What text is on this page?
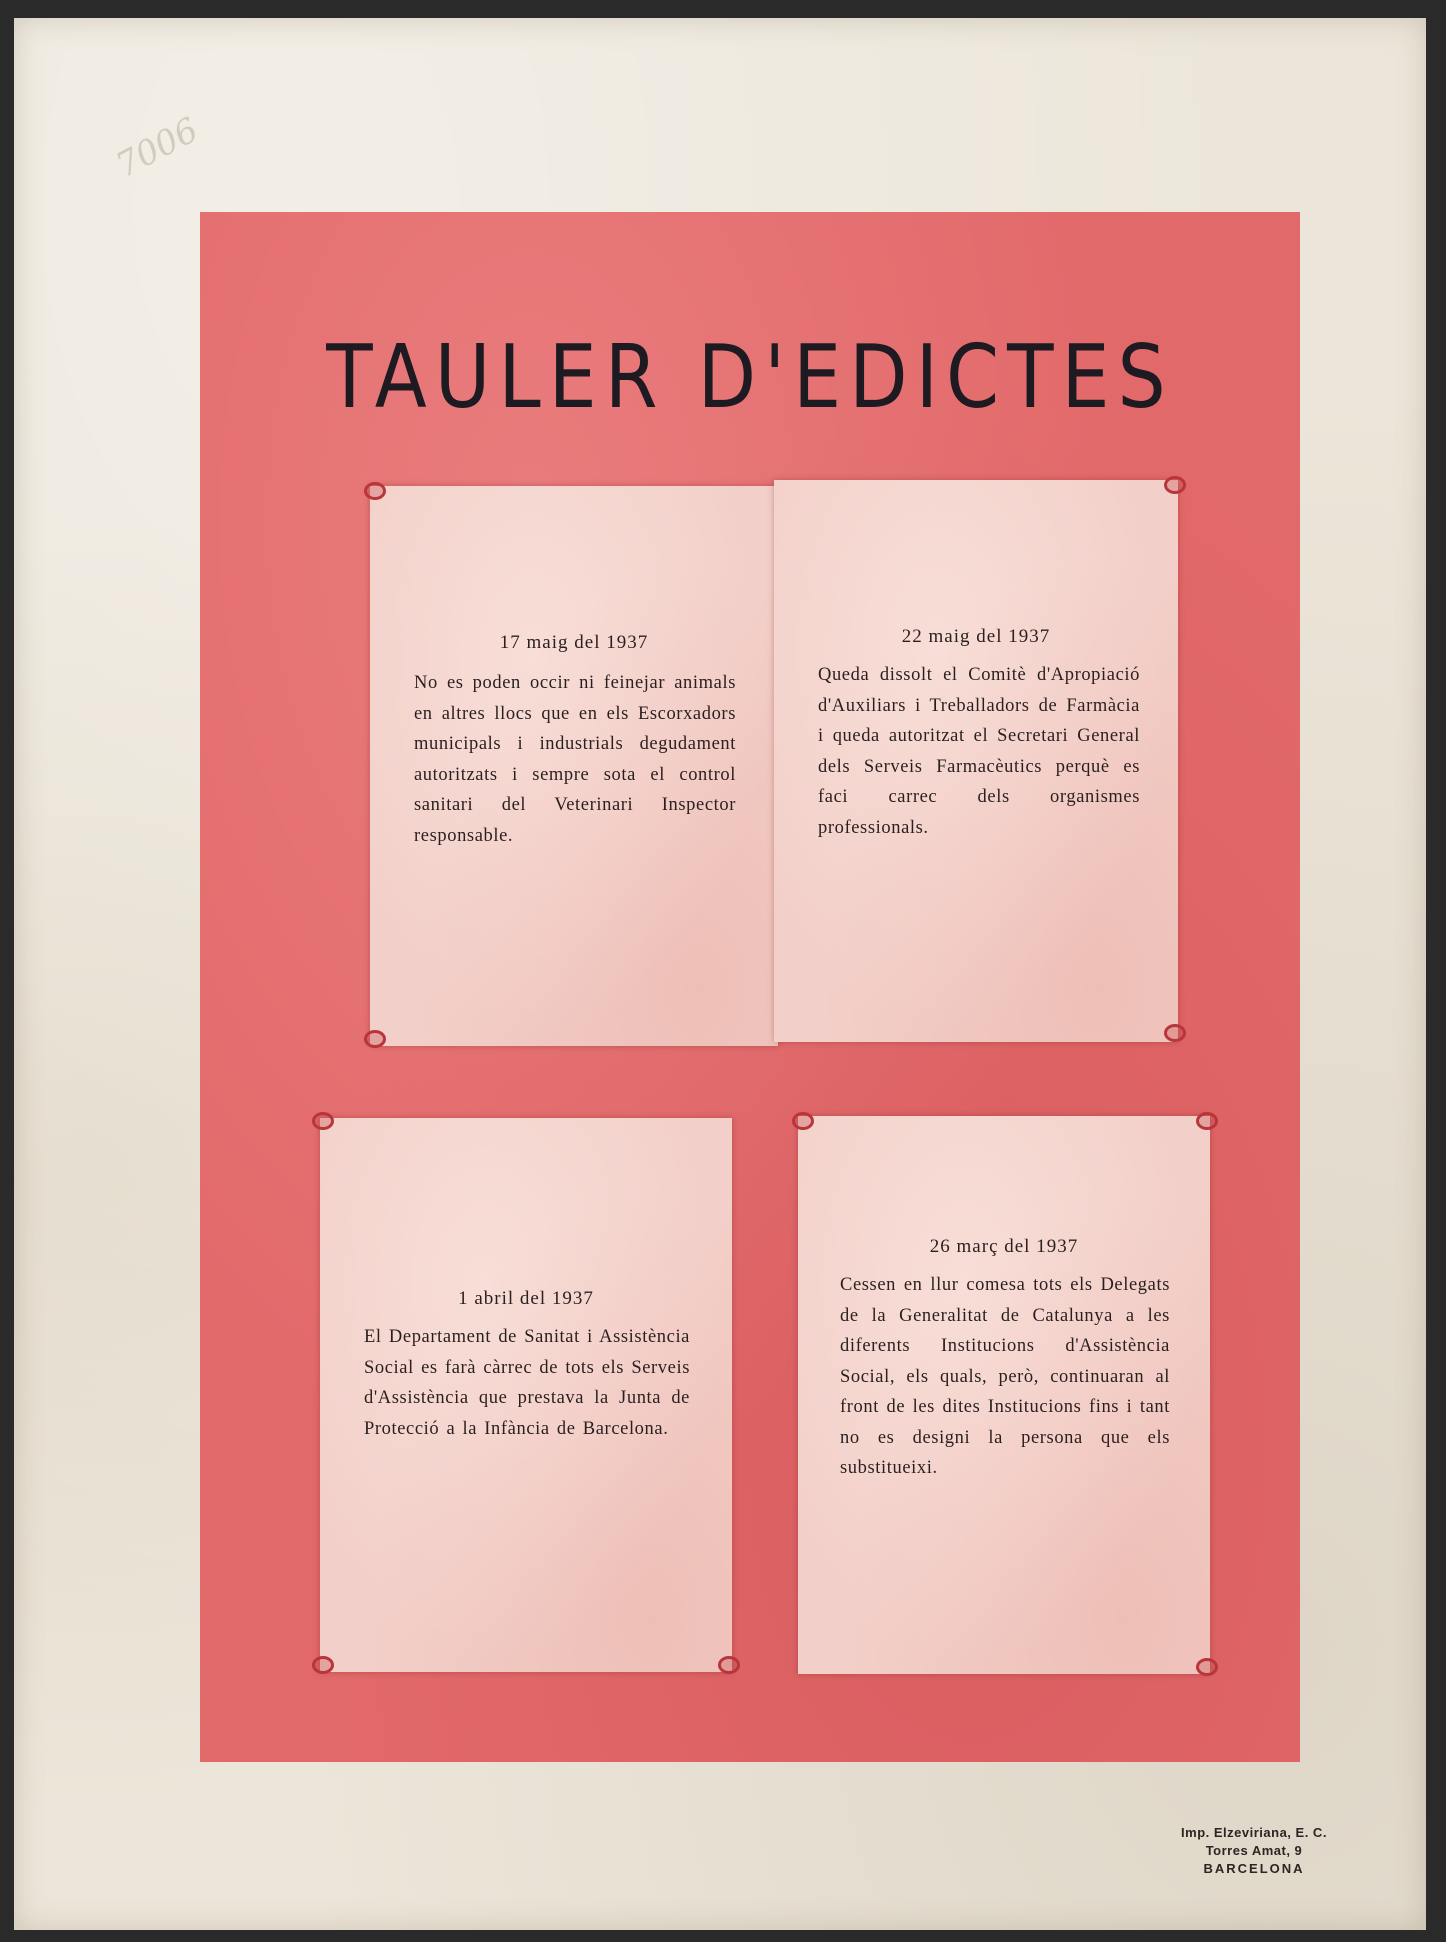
7006
TAULER D'EDICTES
17 maig del 1937
No es poden occir ni feinejar animals en altres llocs que en els Escorxadors municipals i industrials degudament autoritzats i sempre sota el control sanitari del Veterinari Inspector responsable.
22 maig del 1937
Queda dissolt el Comitè d'Apropiació d'Auxiliars i Treballadors de Farmàcia i queda autoritzat el Secretari General dels Serveis Farmacèutics perquè es faci carrec dels organismes professionals.
1 abril del 1937
El Departament de Sanitat i Assistència Social es farà càrrec de tots els Serveis d'Assistència que prestava la Junta de Protecció a la Infància de Barcelona.
26 març del 1937
Cessen en llur comesa tots els Delegats de la Generalitat de Catalunya a les diferents Institucions d'Assistència Social, els quals, però, continuaran al front de les dites Institucions fins i tant no es designi la persona que els substitueixi.
Imp. Elzeviriana, E. C.
Torres Amat, 9
BARCELONA
